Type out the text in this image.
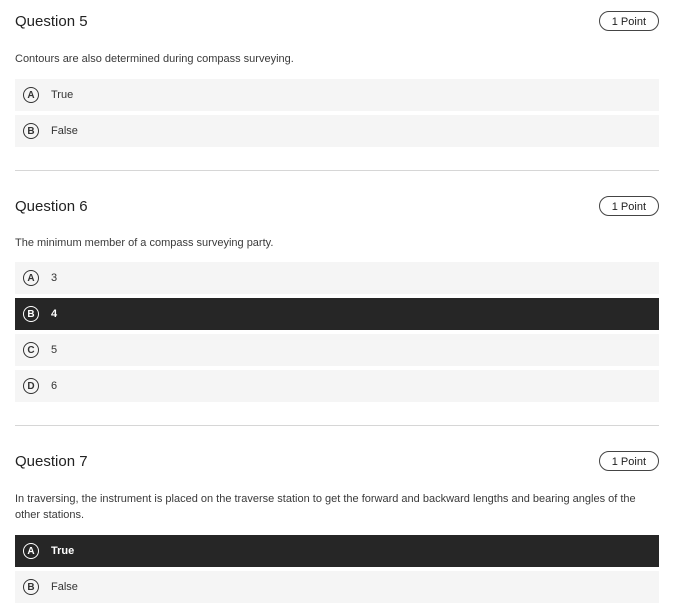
Question 5	1 Point
Contours are also determined during compass surveying.
A	True
B	False
Question 6	1 Point
The minimum member of a compass surveying party.
A	3
B	4
C	5
D	6
Question 7	1 Point
In traversing, the instrument is placed on the traverse station to get the forward and backward lengths and bearing angles of the other stations.
A	True
B	False
